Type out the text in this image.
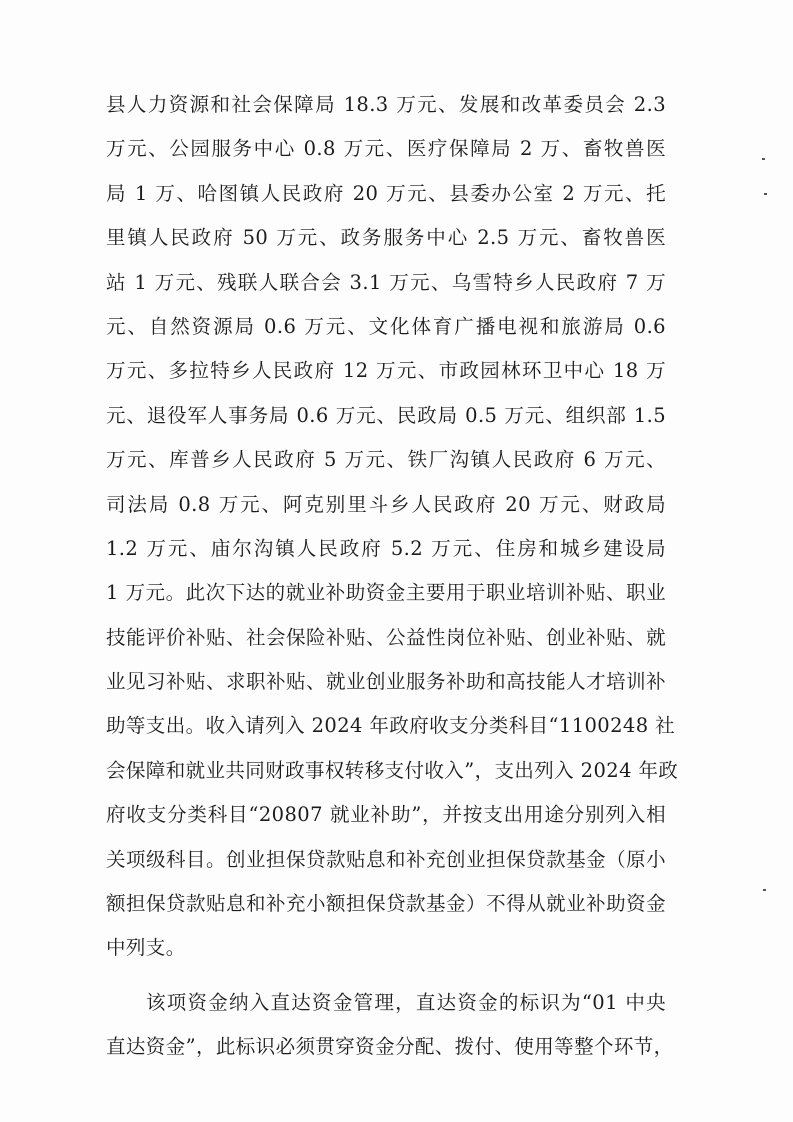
县人力资源和社会保障局 18.3 万元、发展和改革委员会 2.3
万元、公园服务中心 0.8 万元、医疗保障局 2 万、畜牧兽医
局 1 万、哈图镇人民政府 20 万元、县委办公室 2 万元、托
里镇人民政府 50 万元、政务服务中心 2.5 万元、畜牧兽医
站 1 万元、残联人联合会 3.1 万元、乌雪特乡人民政府 7 万
元、自然资源局 0.6 万元、文化体育广播电视和旅游局 0.6
万元、多拉特乡人民政府 12 万元、市政园林环卫中心 18 万
元、退役军人事务局 0.6 万元、民政局 0.5 万元、组织部 1.5
万元、库普乡人民政府 5 万元、铁厂沟镇人民政府 6 万元、
司法局 0.8 万元、阿克别里斗乡人民政府 20 万元、财政局
1.2 万元、庙尔沟镇人民政府 5.2 万元、住房和城乡建设局
1 万元。此次下达的就业补助资金主要用于职业培训补贴、职业
技能评价补贴、社会保险补贴、公益性岗位补贴、创业补贴、就
业见习补贴、求职补贴、就业创业服务补助和高技能人才培训补
助等支出。收入请列入 2024 年政府收支分类科目“1100248 社
会保障和就业共同财政事权转移支付收入”，支出列入 2024 年政
府收支分类科目“20807 就业补助”，并按支出用途分别列入相
关项级科目。创业担保贷款贴息和补充创业担保贷款基金（原小
额担保贷款贴息和补充小额担保贷款基金）不得从就业补助资金
中列支。
该项资金纳入直达资金管理，直达资金的标识为“01 中央
直达资金”，此标识必须贯穿资金分配、拨付、使用等整个环节，
